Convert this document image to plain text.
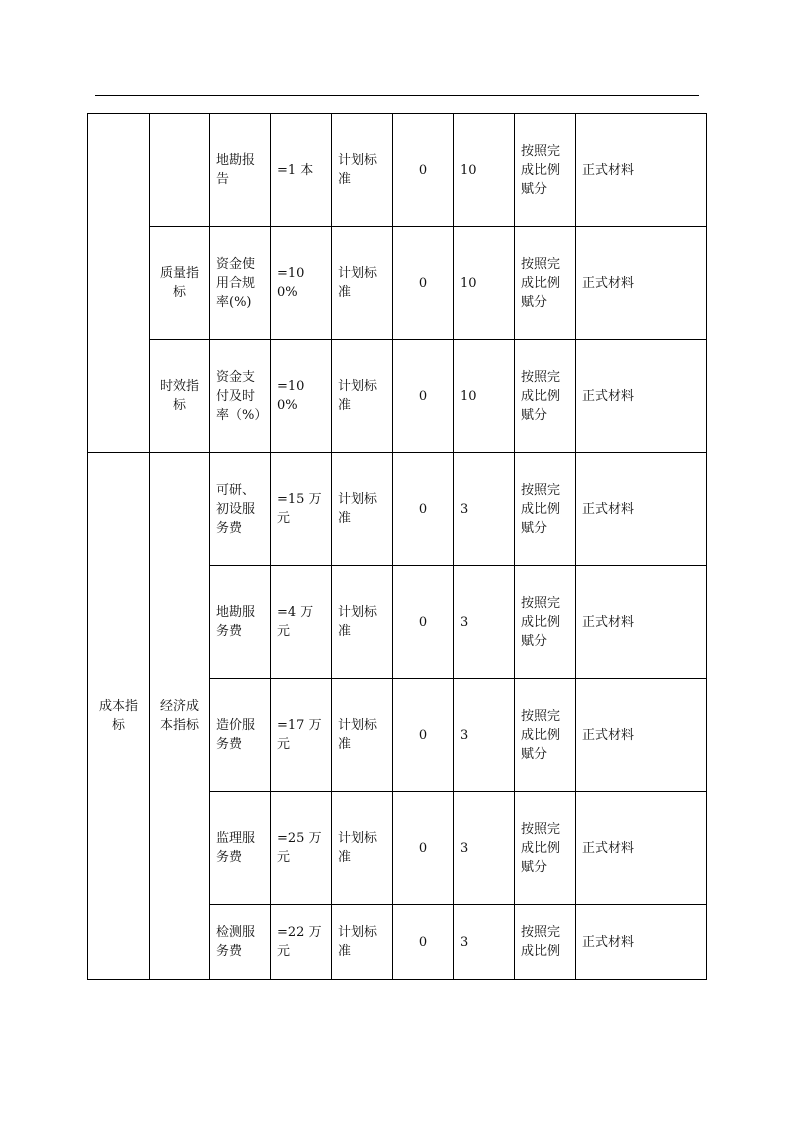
		地勘报告	=1 本	计划标准	0	10	按照完成比例赋分	正式材料
	质量指标	资金使用合规率(%)	=100%	计划标准	0	10	按照完成比例赋分	正式材料
	时效指标	资金支付及时率（%）	=100%	计划标准	0	10	按照完成比例赋分	正式材料
成本指标	经济成本指标	可研、初设服务费	=15 万元	计划标准	0	3	按照完成比例赋分	正式材料
		地勘服务费	=4 万元	计划标准	0	3	按照完成比例赋分	正式材料
		造价服务费	=17 万元	计划标准	0	3	按照完成比例赋分	正式材料
		监理服务费	=25 万元	计划标准	0	3	按照完成比例赋分	正式材料
		检测服务费	=22 万元	计划标准	0	3	按照完成比例	正式材料
